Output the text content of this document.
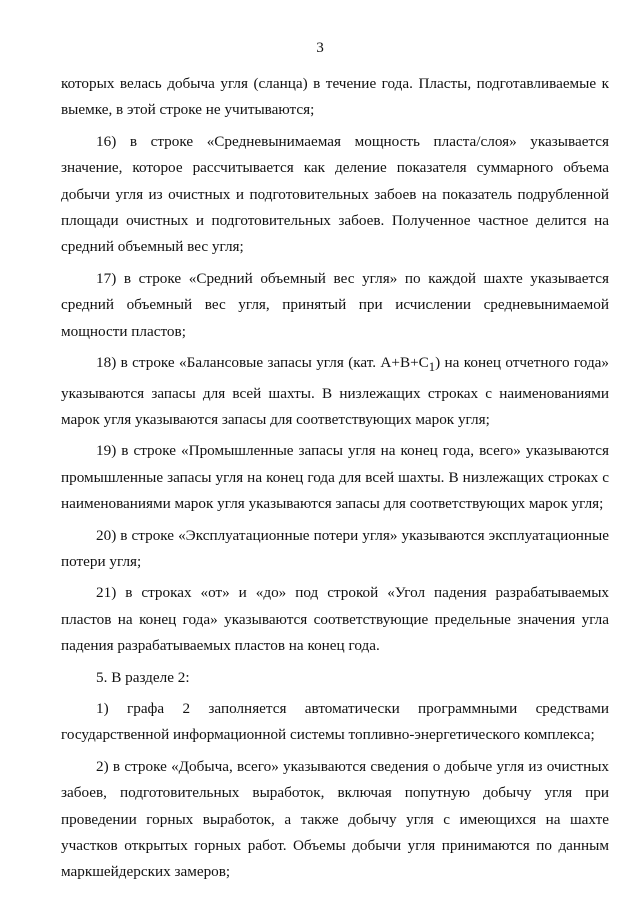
3

которых велась добыча угля (сланца) в течение года. Пласты, подготавливаемые к выемке, в этой строке не учитываются;

16) в строке «Средневынимаемая мощность пласта/слоя» указывается значение, которое рассчитывается как деление показателя суммарного объема добычи угля из очистных и подготовительных забоев на показатель подрубленной площади очистных и подготовительных забоев. Полученное частное делится на средний объемный вес угля;

17) в строке «Средний объемный вес угля» по каждой шахте указывается средний объемный вес угля, принятый при исчислении средневынимаемой мощности пластов;

18) в строке «Балансовые запасы угля (кат. $А+В+С_1$) на конец отчетного года» указываются запасы для всей шахты. В низлежащих строках с наименованиями марок угля указываются запасы для соответствующих марок угля;

19) в строке «Промышленные запасы угля на конец года, всего» указываются промышленные запасы угля на конец года для всей шахты. В низлежащих строках с наименованиями марок угля указываются запасы для соответствующих марок угля;

20) в строке «Эксплуатационные потери угля» указываются эксплуатационные потери угля;

21) в строках «от» и «до» под строкой «Угол падения разрабатываемых пластов на конец года» указываются соответствующие предельные значения угла падения разрабатываемых пластов на конец года.

5. В разделе 2:

1) графа 2 заполняется автоматически программными средствами государственной информационной системы топливно-энергетического комплекса;

2) в строке «Добыча, всего» указываются сведения о добыче угля из очистных забоев, подготовительных выработок, включая попутную добычу угля при проведении горных выработок, а также добычу угля с имеющихся на шахте участков открытых горных работ. Объемы добычи угля принимаются по данным маркшейдерских замеров;
